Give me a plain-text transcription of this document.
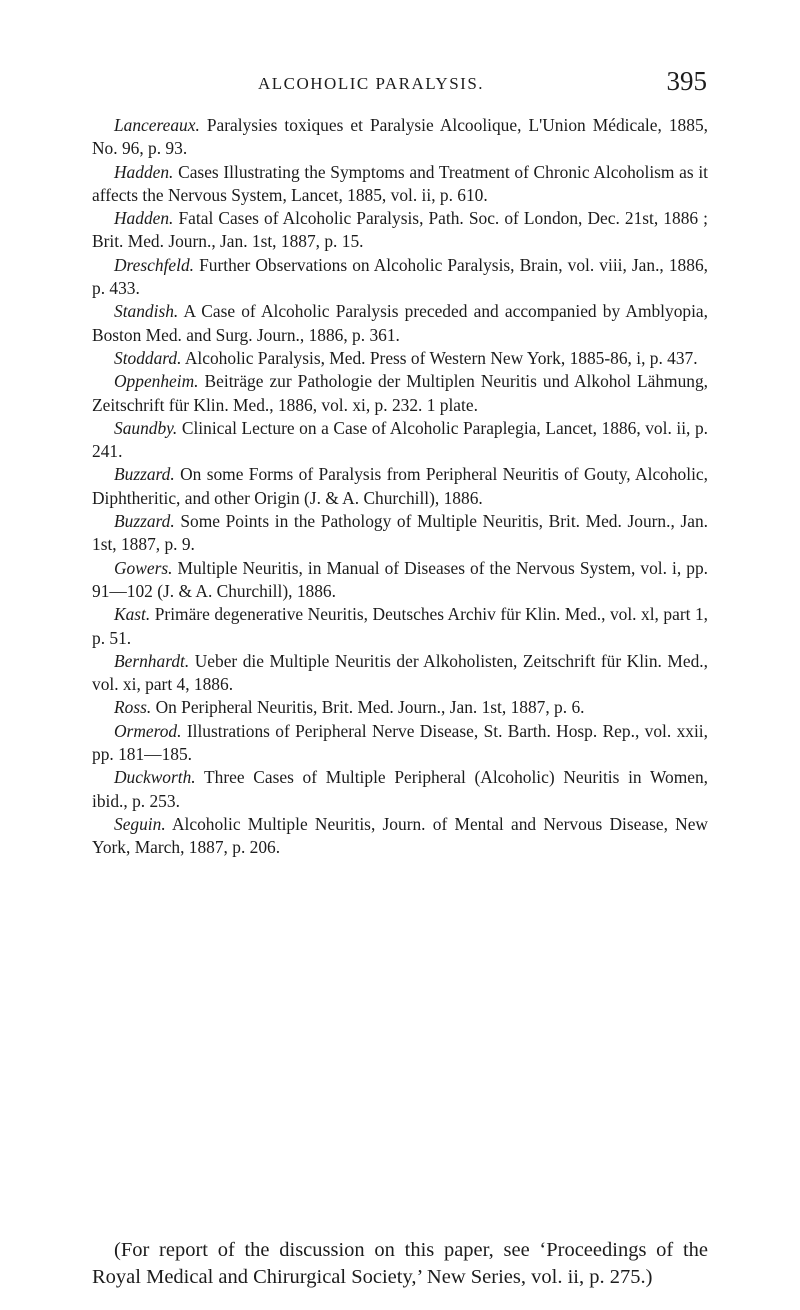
ALCOHOLIC PARALYSIS.	395

Lancereaux. Paralysies toxiques et Paralysie Alcoolique, L'Union Médicale, 1885, No. 96, p. 93.

Hadden. Cases Illustrating the Symptoms and Treatment of Chronic Alcoholism as it affects the Nervous System, Lancet, 1885, vol. ii, p. 610.

Hadden. Fatal Cases of Alcoholic Paralysis, Path. Soc. of London, Dec. 21st, 1886 ; Brit. Med. Journ., Jan. 1st, 1887, p. 15.

Dreschfeld. Further Observations on Alcoholic Paralysis, Brain, vol. viii, Jan., 1886, p. 433.

Standish. A Case of Alcoholic Paralysis preceded and accompanied by Amblyopia, Boston Med. and Surg. Journ., 1886, p. 361.

Stoddard. Alcoholic Paralysis, Med. Press of Western New York, 1885-86, i, p. 437.

Oppenheim. Beiträge zur Pathologie der Multiplen Neuritis und Alkohol Lähmung, Zeitschrift für Klin. Med., 1886, vol. xi, p. 232. 1 plate.

Saundby. Clinical Lecture on a Case of Alcoholic Paraplegia, Lancet, 1886, vol. ii, p. 241.

Buzzard. On some Forms of Paralysis from Peripheral Neuritis of Gouty, Alcoholic, Diphtheritic, and other Origin (J. & A. Churchill), 1886.

Buzzard. Some Points in the Pathology of Multiple Neuritis, Brit. Med. Journ., Jan. 1st, 1887, p. 9.

Gowers. Multiple Neuritis, in Manual of Diseases of the Nervous System, vol. i, pp. 91—102 (J. & A. Churchill), 1886.

Kast. Primäre degenerative Neuritis, Deutsches Archiv für Klin. Med., vol. xl, part 1, p. 51.

Bernhardt. Ueber die Multiple Neuritis der Alkoholisten, Zeitschrift für Klin. Med., vol. xi, part 4, 1886.

Ross. On Peripheral Neuritis, Brit. Med. Journ., Jan. 1st, 1887, p. 6.

Ormerod. Illustrations of Peripheral Nerve Disease, St. Barth. Hosp. Rep., vol. xxii, pp. 181—185.

Duckworth. Three Cases of Multiple Peripheral (Alcoholic) Neuritis in Women, ibid., p. 253.

Seguin. Alcoholic Multiple Neuritis, Journ. of Mental and Nervous Disease, New York, March, 1887, p. 206.

(For report of the discussion on this paper, see ‘Proceedings of the Royal Medical and Chirurgical Society,’ New Series, vol. ii, p. 275.)
